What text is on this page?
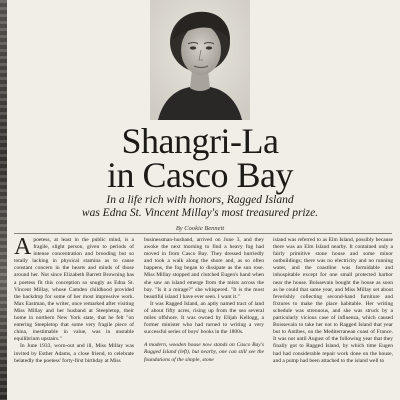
Shangri-La
in Casco Bay

In a life rich with honors, Ragged Island
was Edna St. Vincent Millay's most treasured prize.

By Cookie Bennett

Apoetess, at least in the public mind, is a fragile, slight person, given to periods of intense concentration and brooding but so totally lacking in physical stamina as to cause constant concern in the hearts and minds of those around her. Not since Elizabeth Barrett Browning has a poetess fit this conception so snugly as Edna St. Vincent Millay, whose Camden childhood provided the backdrop for some of her most impressive work. Max Eastman, the writer, once remarked after visiting Miss Millay and her husband at Steepletop, their home in northern New York state, that he felt "on entering Steepletop that some very fragile piece of china, inestimable in value, was in unstable equilibrium upstairs."

In June 1933, worn-out and ill, Miss Millay was invited by Esther Adams, a close friend, to celebrate belatedly the poetess' forty-first birthday at Miss

businessman-husband, arrived on June 3, and they awoke the next morning to find a heavy fog had moved in from Casco Bay. They dressed hurriedly and took a walk along the shore and, as so often happens, the fog began to dissipate as the sun rose. Miss Millay stopped and clutched Eugen's hand when she saw an island emerge from the mists across the bay. "Is it a mirage?" she whispered. "It is the most beautiful island I have ever seen. I want it."

It was Ragged Island, an aptly named tract of land of about fifty acres, rising up from the sea several miles offshore. It was owned by Elijah Kellogg, a former minister who had turned to writing a very successful series of boys' books in the 1800s.

A modern, wooden house now stands on Casco Bay's Ragged Island (left), but nearby, one can still see the foundations of the simple, stone

island was referred to as Elm Island, possibly because there was an Elm Island nearby. It contained only a fairly primitive stone house and some minor outbuildings; there was no electricity and no running water, and the coastline was formidable and inhospitable except for one small protected harbor near the house. Boissevain bought the house as soon as he could that same year, and Miss Millay set about feverishly collecting second-hand furniture and fixtures to make the place habitable. Her writing schedule was strenuous, and she was struck by a particularly vicious case of influenza, which caused Boissevain to take her not to Ragged Island that year but to Antibes, on the Mediterranean coast of France. It was not until August of the following year that they finally got to Ragged Island, by which time Eugen had had considerable repair work done on the house, and a pump had been attached to the island well to
